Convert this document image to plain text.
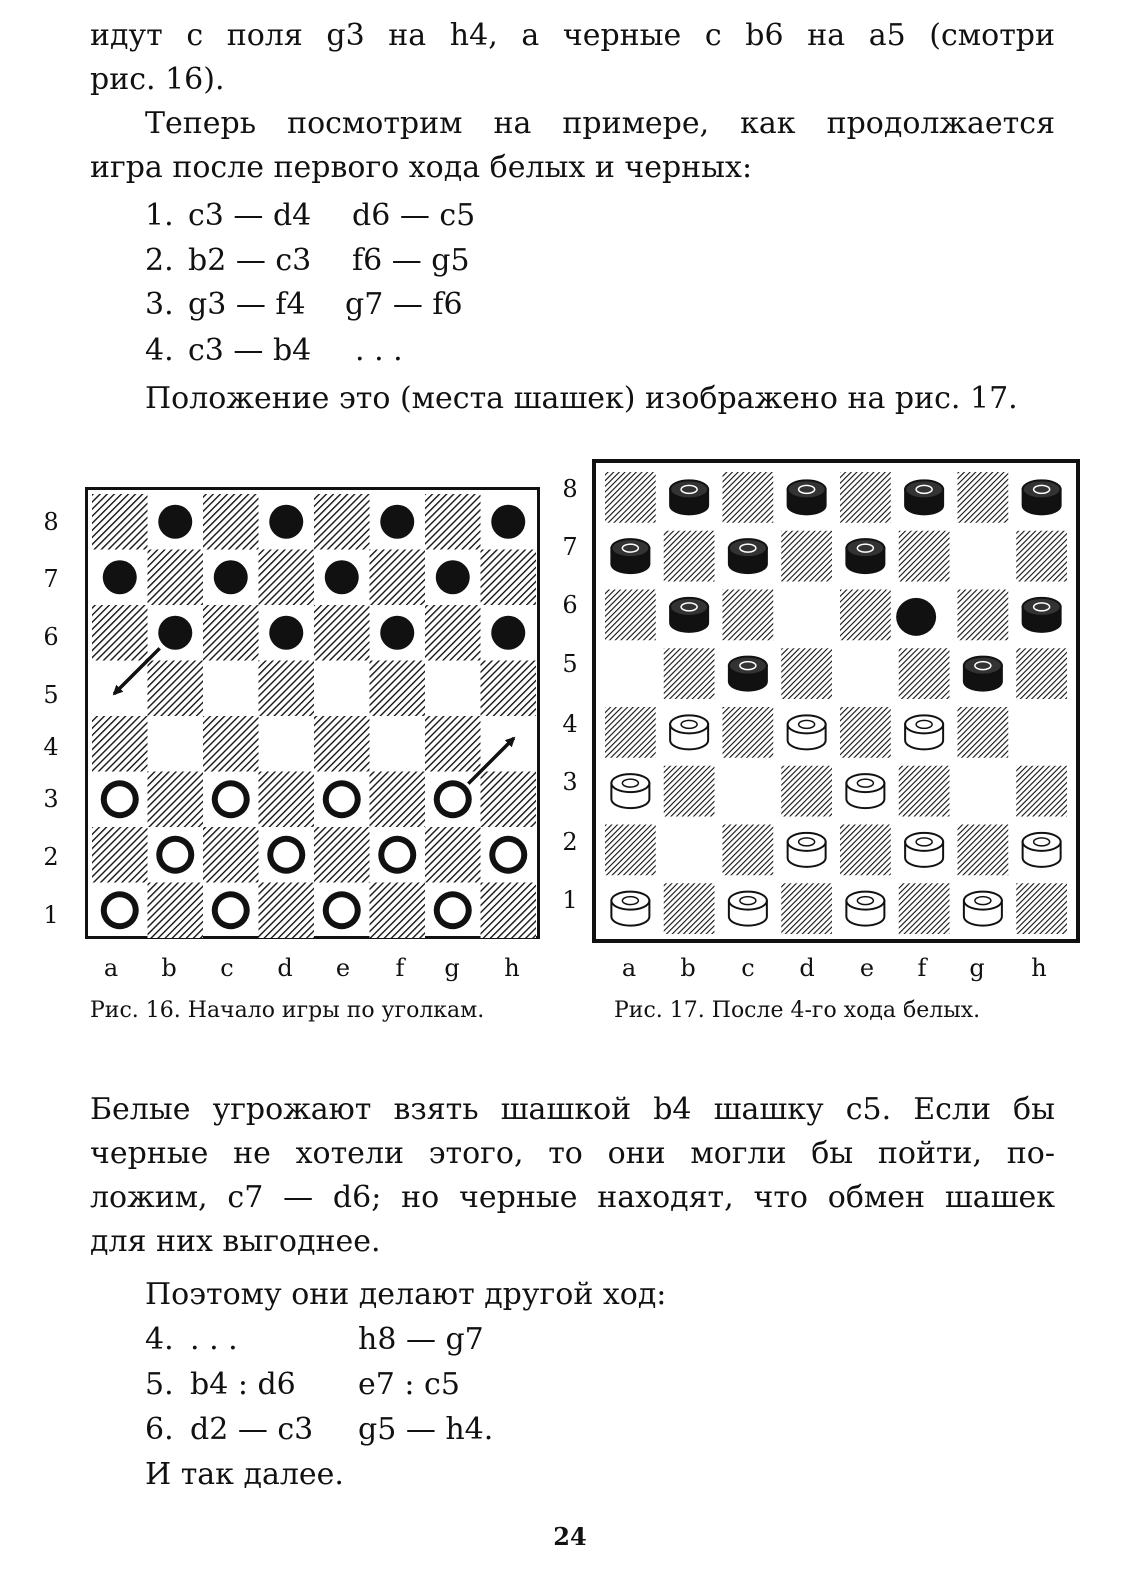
идут с поля g3 на h4, а черные с b6 на a5 (смотри
рис. 16).
Теперь посмотрим на примере, как продолжается
игра после первого хода белых и черных:
1. c3 — d4 d6 — c5
2. b2 — c3 f6 — g5
3. g3 — f4 g7 — f6
4. c3 — b4 . . .
Положение это (места шашек) изображено на рис. 17.
8
7
6
5
4
3
2
1
a	b	c	d	e	f	g	h
8
7
6
5
4
3
2
1
a	b	c	d	e	f	g	h
Рис. 16. Начало игры по уголкам.	Рис. 17. После 4-го хода белых.
Белые угрожают взять шашкой b4 шашку c5. Если бы
черные не хотели этого, то они могли бы пойти, по-
ложим, c7 — d6; но черные находят, что обмен шашек
для них выгоднее.
Поэтому они делают другой ход:
4. . . .	h8 — g7
5. b4 : d6 e7 : c5
6. d2 — c3 g5 — h4.
И так далее.
24
